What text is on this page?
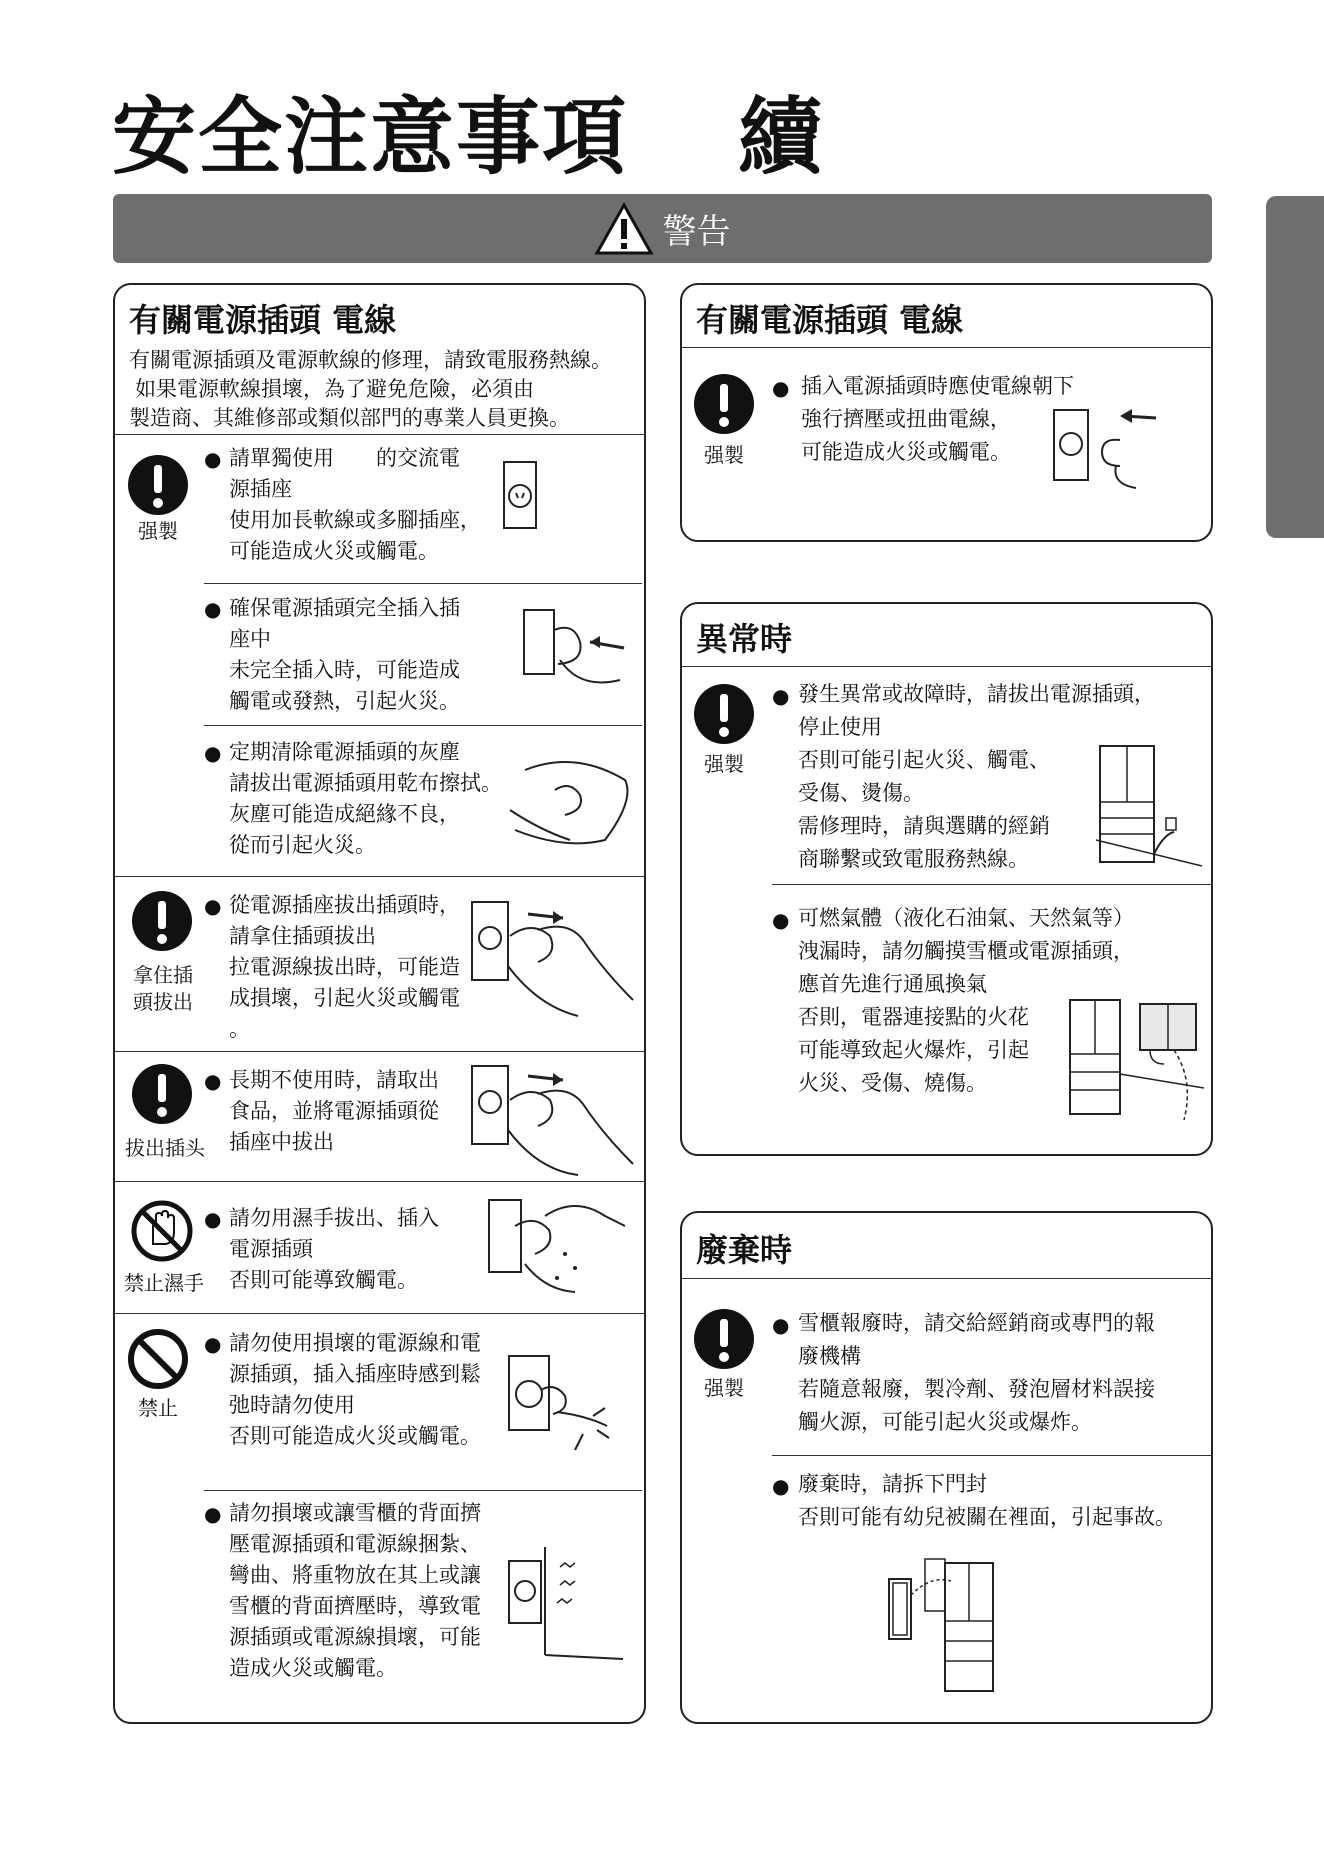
安全注意事項 續
警告
有關電源插頭 電線
有關電源插頭及電源軟線的修理，請致電服務熱線。
如果電源軟線損壞，為了避免危險，必須由
製造商、其維修部或類似部門的專業人員更換。
强製
● 請單獨使用　　的交流電
源插座
使用加長軟線或多腳插座，
可能造成火災或觸電。
● 確保電源插頭完全插入插
座中
未完全插入時，可能造成
觸電或發熱，引起火災。
● 定期清除電源插頭的灰塵
請拔出電源插頭用乾布擦拭。
灰塵可能造成絕緣不良，
從而引起火災。
拿住插
頭拔出
● 從電源插座拔出插頭時，
請拿住插頭拔出
拉電源線拔出時，可能造
成損壞，引起火災或觸電
。
拔出插头
● 長期不使用時，請取出
食品，並將電源插頭從
插座中拔出
禁止濕手
● 請勿用濕手拔出、插入
電源插頭
否則可能導致觸電。
禁止
● 請勿使用損壞的電源線和電
源插頭，插入插座時感到鬆
弛時請勿使用
否則可能造成火災或觸電。
● 請勿損壞或讓雪櫃的背面擠
壓電源插頭和電源線捆紮、
彎曲、將重物放在其上或讓
雪櫃的背面擠壓時，導致電
源插頭或電源線損壞，可能
造成火災或觸電。
有關電源插頭 電線
强製
● 插入電源插頭時應使電線朝下
強行擠壓或扭曲電線，
可能造成火災或觸電。
異常時
强製
● 發生異常或故障時，請拔出電源插頭，
停止使用
否則可能引起火災、觸電、
受傷、燙傷。
需修理時，請與選購的經銷
商聯繫或致電服務熱線。
● 可燃氣體（液化石油氣、天然氣等）
洩漏時，請勿觸摸雪櫃或電源插頭，
應首先進行通風換氣
否則，電器連接點的火花
可能導致起火爆炸，引起
火災、受傷、燒傷。
廢棄時
强製
● 雪櫃報廢時，請交給經銷商或專門的報
廢機構
若隨意報廢，製冷劑、發泡層材料誤接
觸火源，可能引起火災或爆炸。
● 廢棄時，請拆下門封
否則可能有幼兒被關在裡面，引起事故。
